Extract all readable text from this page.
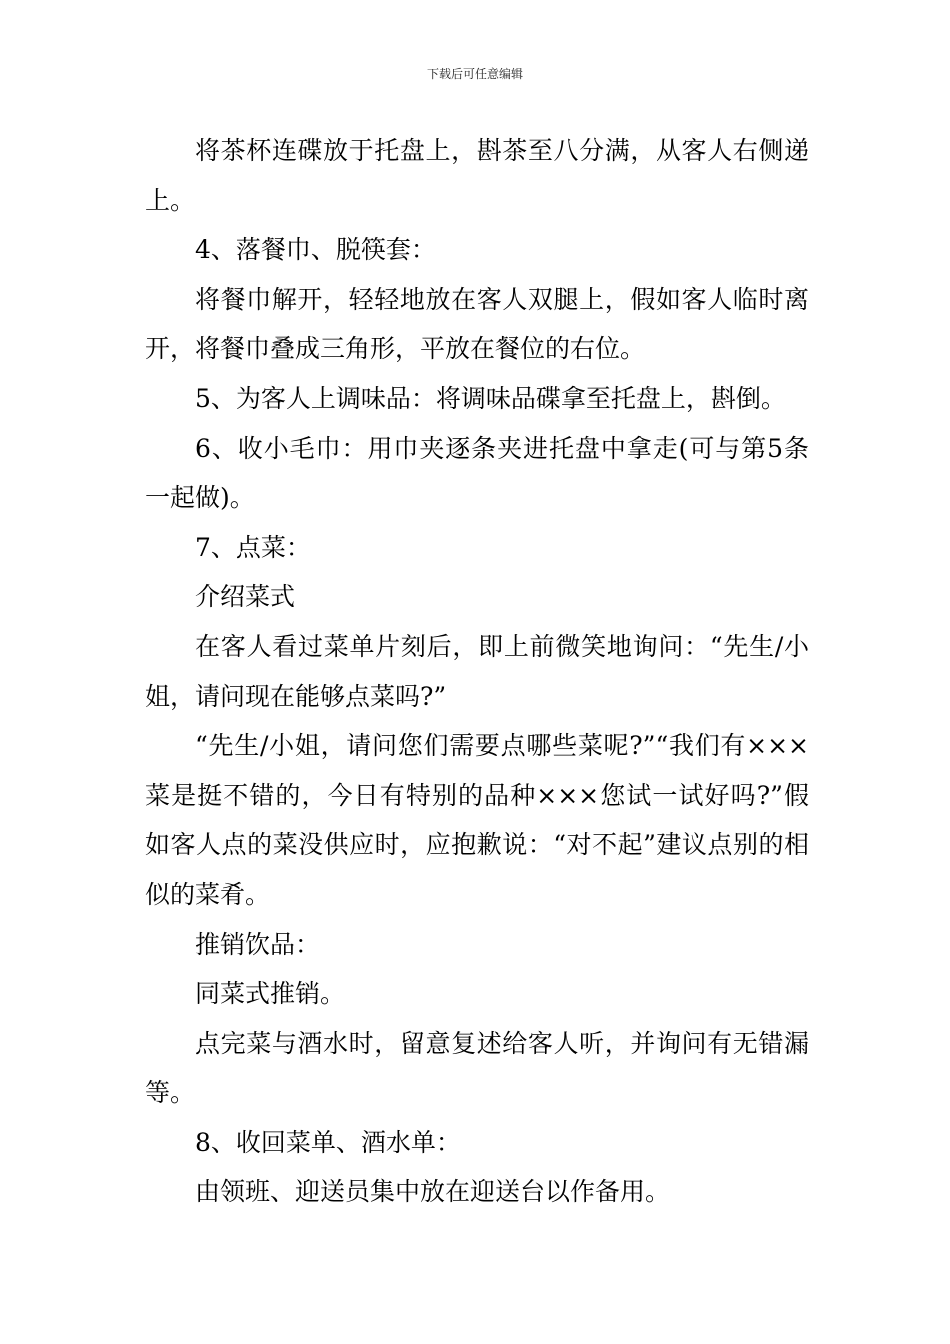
下载后可任意编辑

将茶杯连碟放于托盘上，斟茶至八分满，从客人右侧递上。

4、落餐巾、脱筷套：

将餐巾解开，轻轻地放在客人双腿上，假如客人临时离开，将餐巾叠成三角形，平放在餐位的右位。

5、为客人上调味品：将调味品碟拿至托盘上，斟倒。

6、收小毛巾：用巾夹逐条夹进托盘中拿走(可与第5条一起做)。

7、点菜：

介绍菜式

在客人看过菜单片刻后，即上前微笑地询问：“先生/小姐，请问现在能够点菜吗?”

“先生/小姐，请问您们需要点哪些菜呢?”“我们有×××菜是挺不错的，今日有特别的品种×××您试一试好吗?”假如客人点的菜没供应时，应抱歉说：“对不起”建议点别的相似的菜肴。

推销饮品：

同菜式推销。

点完菜与酒水时，留意复述给客人听，并询问有无错漏等。

8、收回菜单、酒水单：

由领班、迎送员集中放在迎送台以作备用。
